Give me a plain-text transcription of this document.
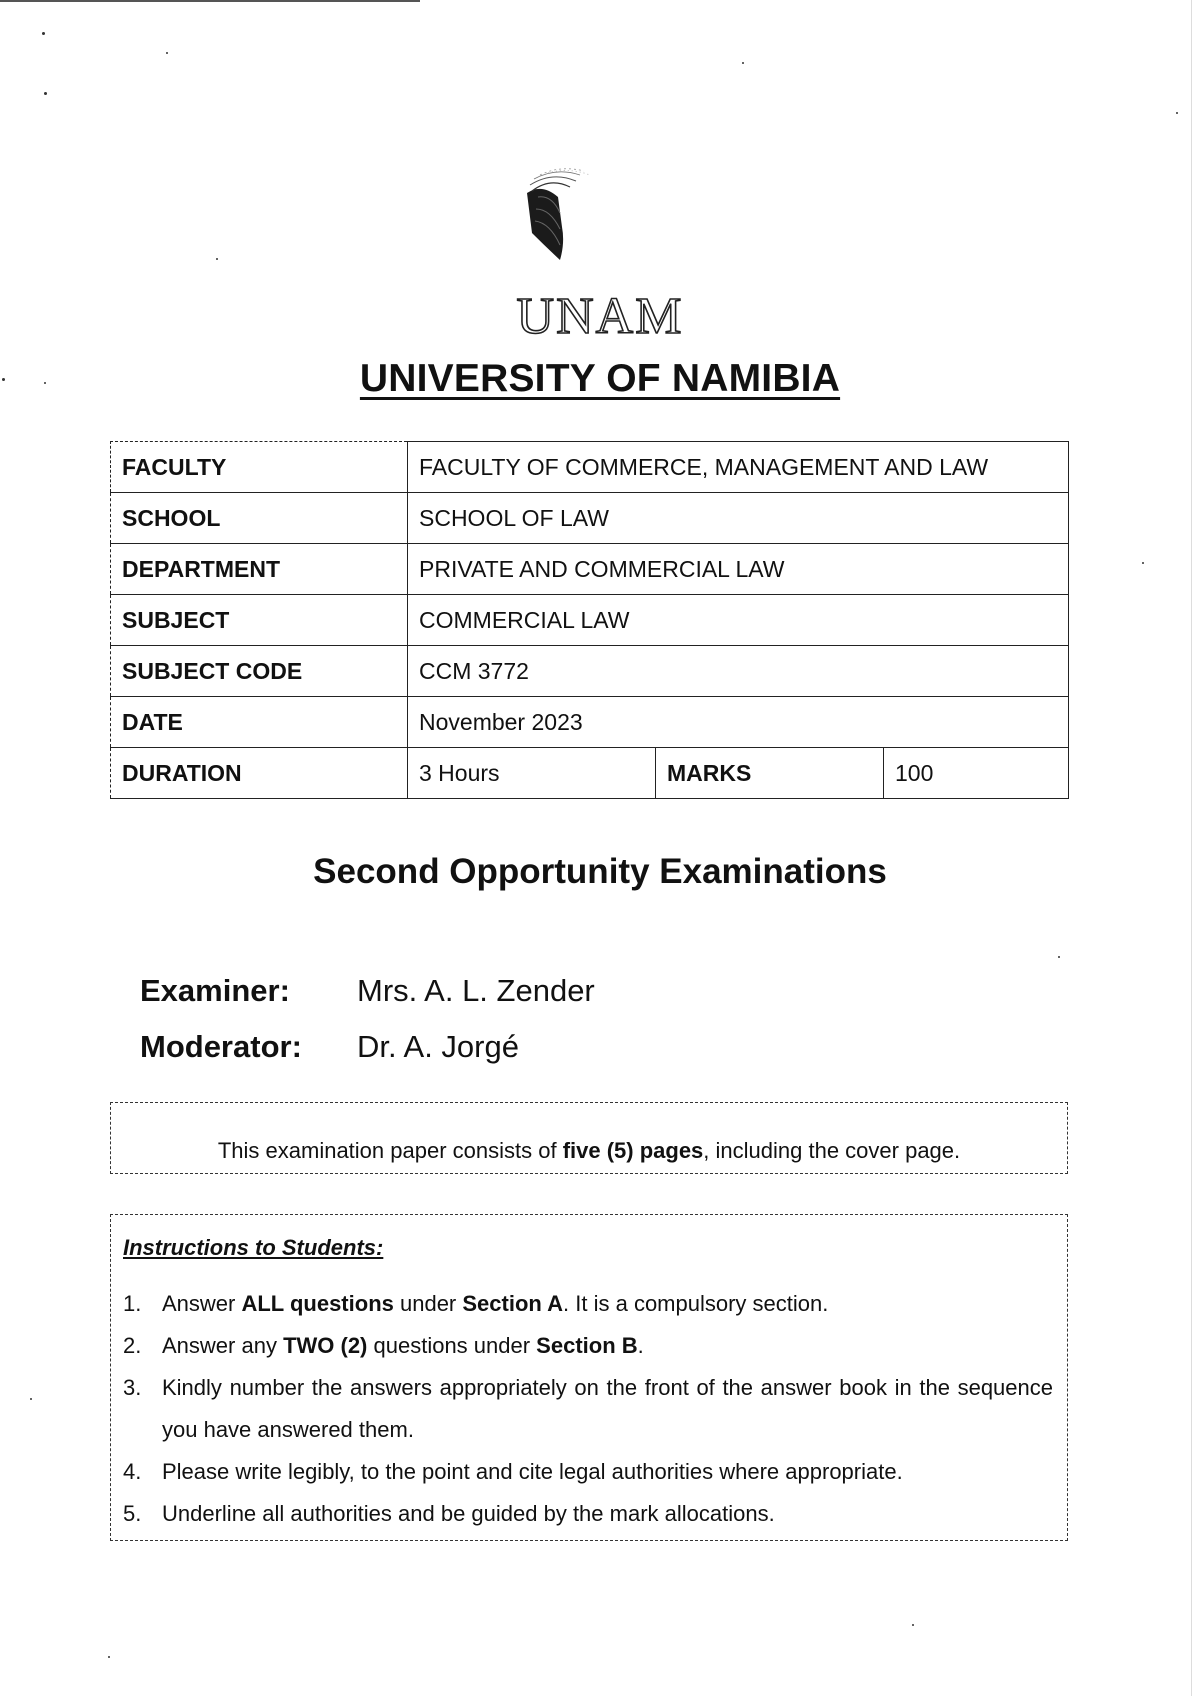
UNAM
UNIVERSITY OF NAMIBIA
FACULTY	FACULTY OF COMMERCE, MANAGEMENT AND LAW		
SCHOOL	SCHOOL OF LAW		
DEPARTMENT	PRIVATE AND COMMERCIAL LAW		
SUBJECT	COMMERCIAL LAW		
SUBJECT CODE	CCM 3772		
DATE	November 2023		
DURATION	3 Hours	MARKS	100
Second Opportunity Examinations
Examiner:	Mrs. A. L. Zender
Moderator:	Dr. A. Jorgé
This examination paper consists of five (5) pages, including the cover page.
Instructions to Students:
1. Answer ALL questions under Section A. It is a compulsory section.
2. Answer any TWO (2) questions under Section B.
3. Kindly number the answers appropriately on the front of the answer book in the sequence you have answered them.
4. Please write legibly, to the point and cite legal authorities where appropriate.
5. Underline all authorities and be guided by the mark allocations.
